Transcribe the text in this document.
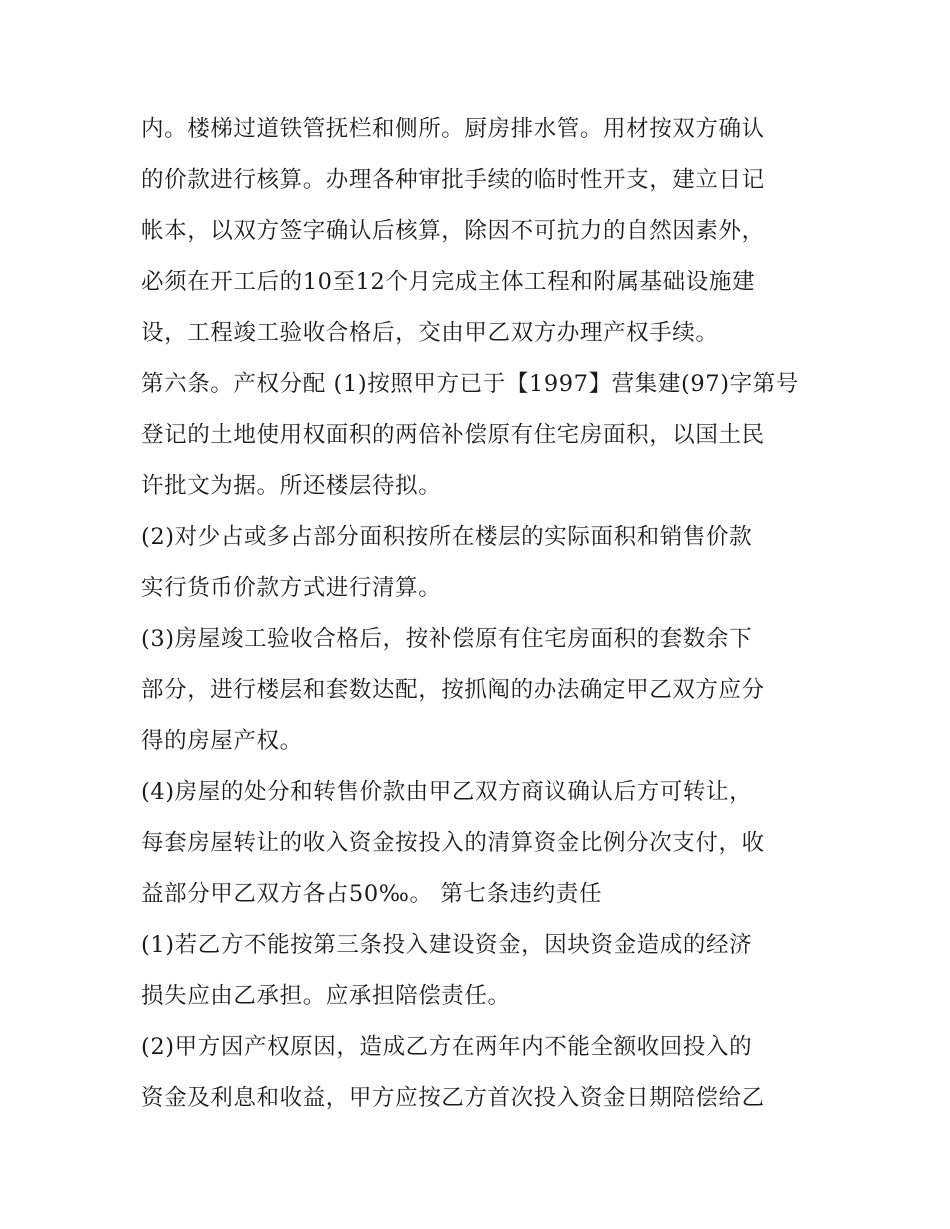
内。楼梯过道铁管抚栏和侧所。厨房排水管。用材按双方确认
的价款进行核算。办理各种审批手续的临时性开支，建立日记
帐本，以双方签字确认后核算，除因不可抗力的自然因素外，
必须在开工后的10至12个月完成主体工程和附属基础设施建
设，工程竣工验收合格后，交由甲乙双方办理产权手续。
第六条。产权分配 (1)按照甲方已于【1997】营集建(97)字第号
登记的土地使用权面积的两倍补偿原有住宅房面积，以国土民
许批文为据。所还楼层待拟。
(2)对少占或多占部分面积按所在楼层的实际面积和销售价款
实行货币价款方式进行清算。
(3)房屋竣工验收合格后，按补偿原有住宅房面积的套数余下
部分，进行楼层和套数达配，按抓阄的办法确定甲乙双方应分
得的房屋产权。
(4)房屋的处分和转售价款由甲乙双方商议确认后方可转让，
每套房屋转让的收入资金按投入的清算资金比例分次支付，收
益部分甲乙双方各占50‰。 第七条违约责任
(1)若乙方不能按第三条投入建设资金，因块资金造成的经济
损失应由乙承担。应承担陪偿责任。
(2)甲方因产权原因，造成乙方在两年内不能全额收回投入的
资金及利息和收益，甲方应按乙方首次投入资金日期陪偿给乙
